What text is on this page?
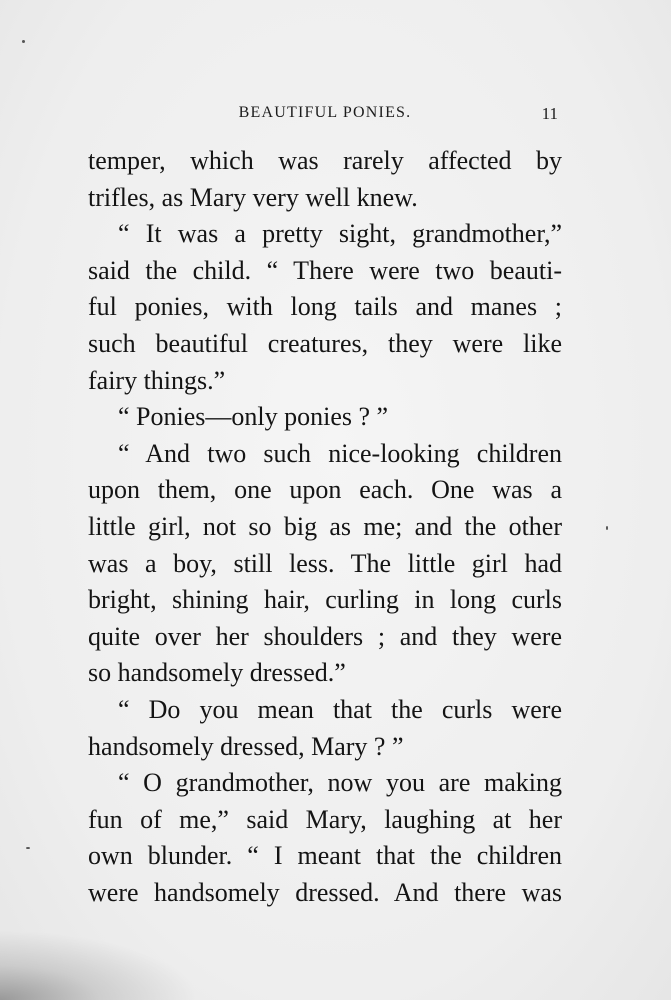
BEAUTIFUL PONIES.	11
temper, which was rarely affected by
trifles, as Mary very well knew.
“ It was a pretty sight, grandmother,”
said the child. “ There were two beauti-
ful ponies, with long tails and manes ;
such beautiful creatures, they were like
fairy things.”
“ Ponies—only ponies ? ”
“ And two such nice-looking children
upon them, one upon each. One was a
little girl, not so big as me; and the other
was a boy, still less. The little girl had
bright, shining hair, curling in long curls
quite over her shoulders ; and they were
so handsomely dressed.”
“ Do you mean that the curls were
handsomely dressed, Mary ? ”
“ O grandmother, now you are making
fun of me,” said Mary, laughing at her
own blunder. “ I meant that the children
were handsomely dressed. And there was
